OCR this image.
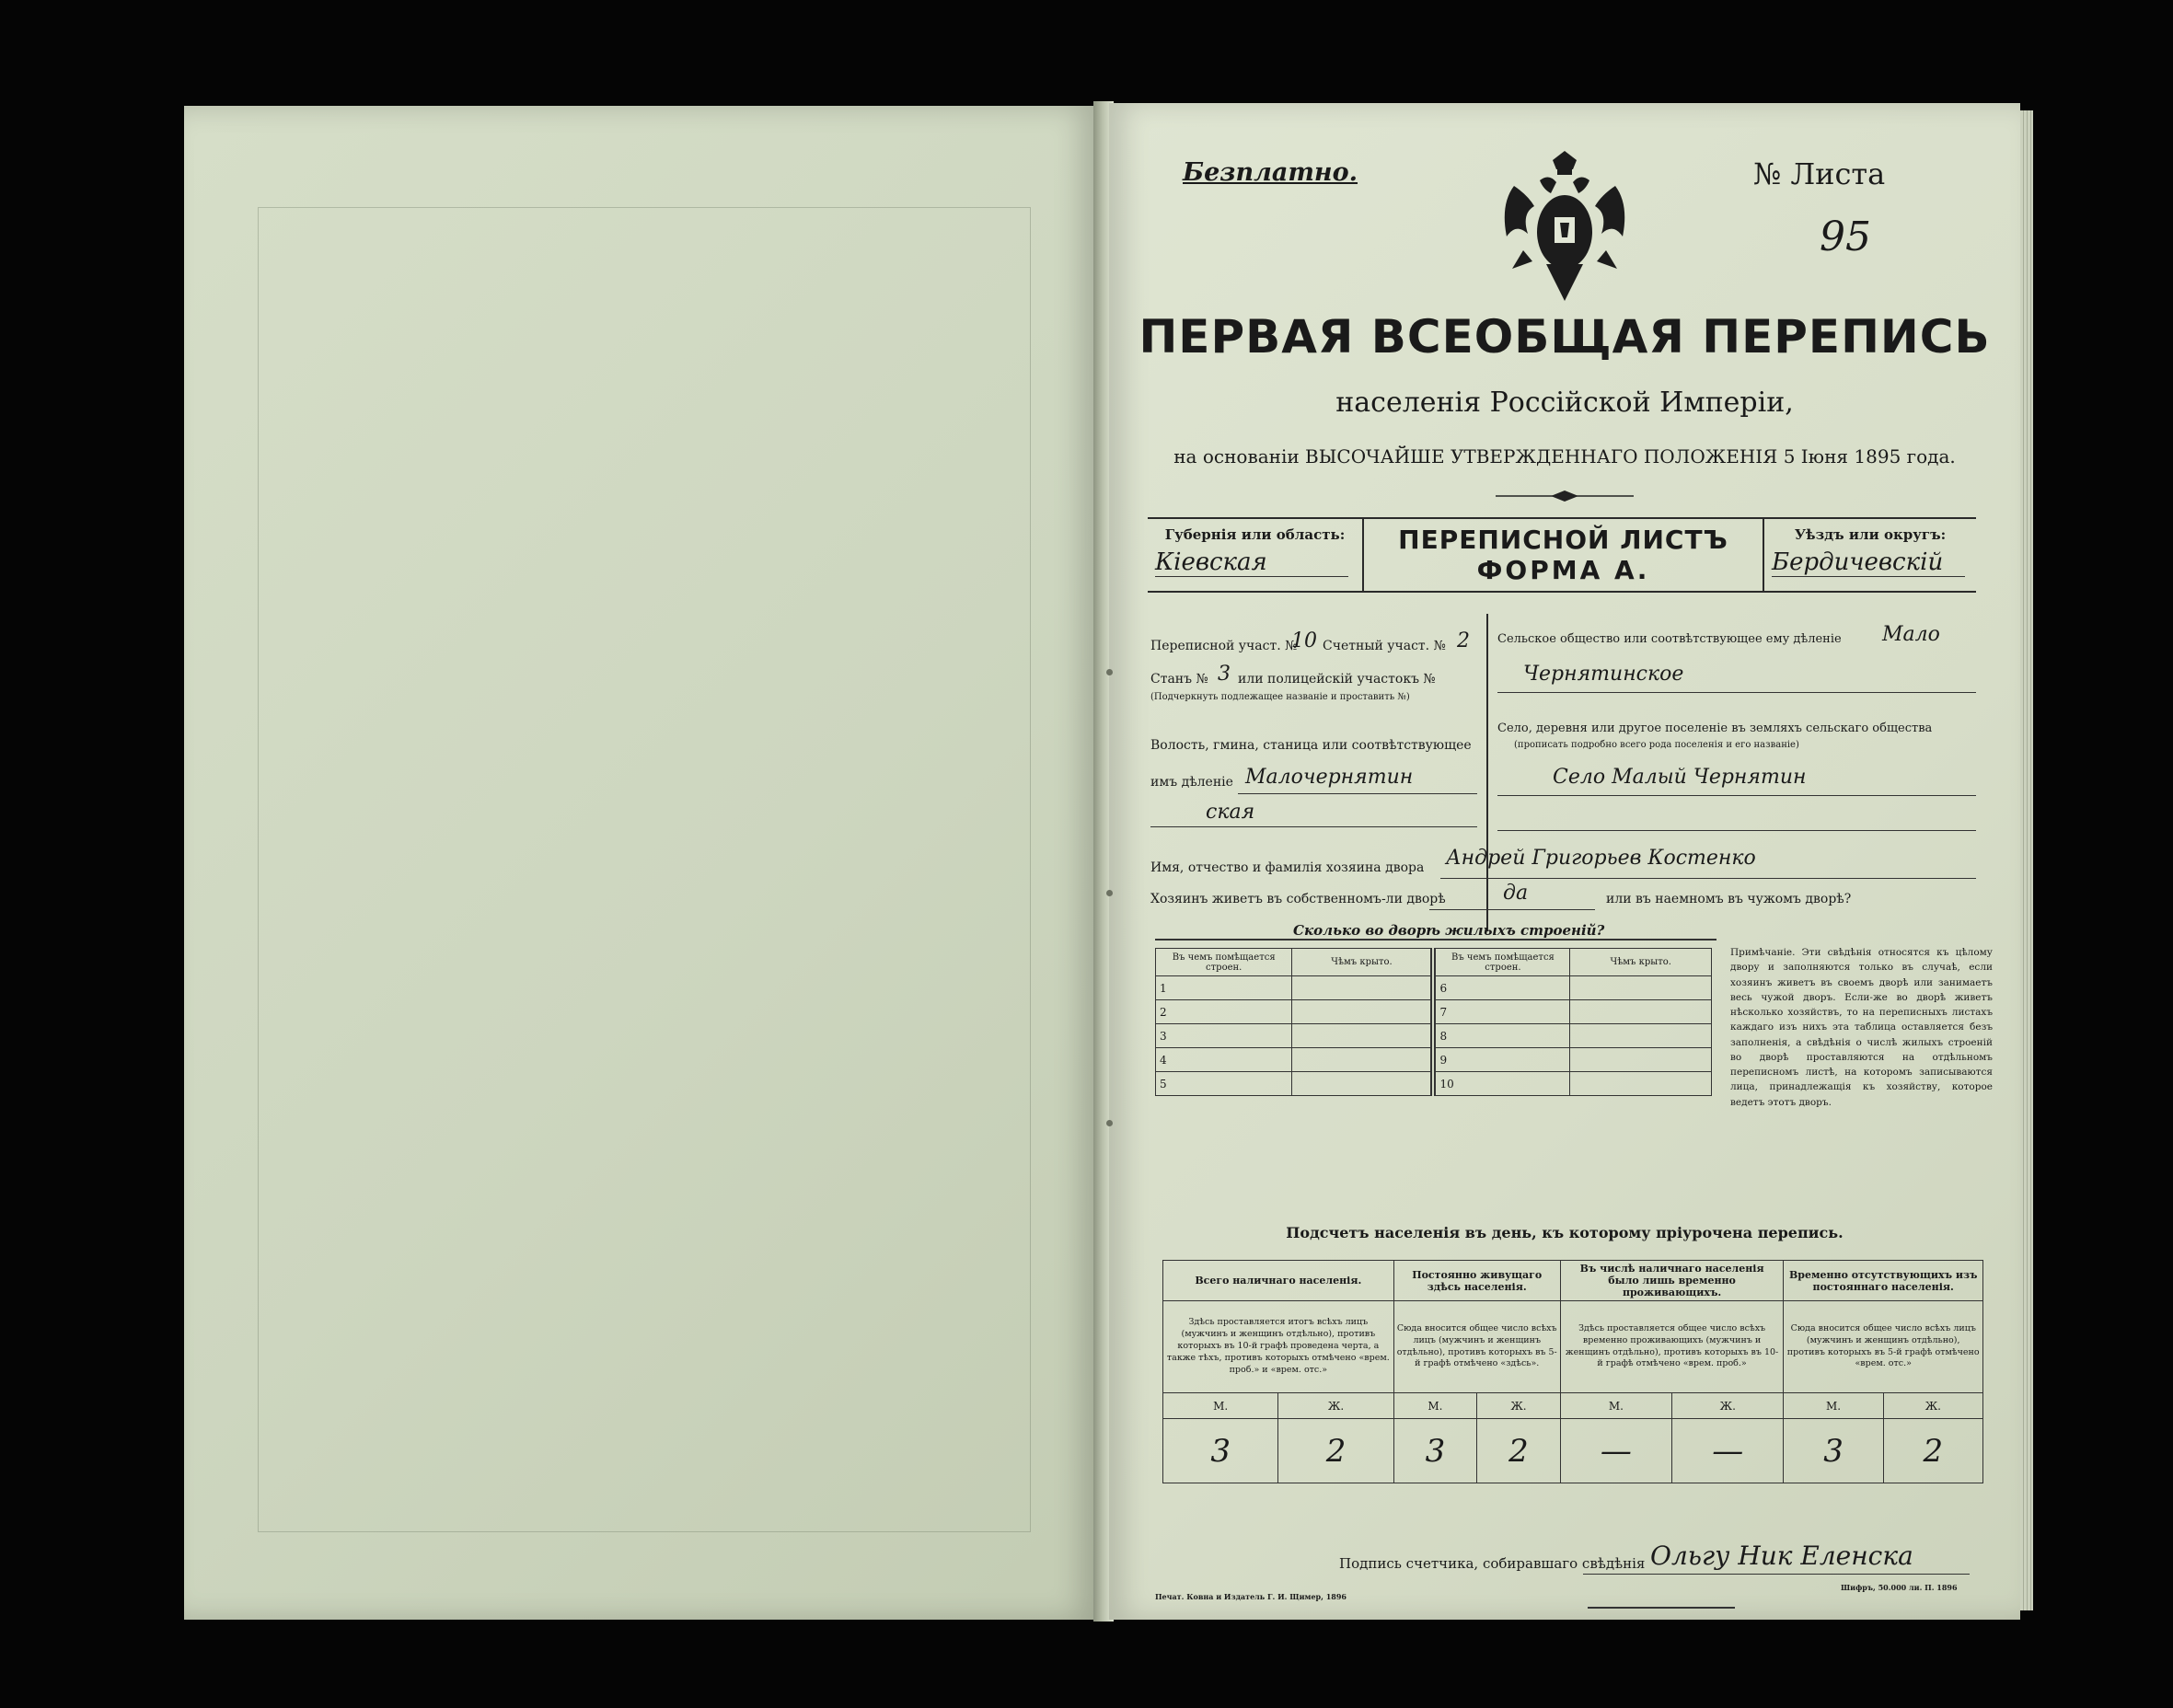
Безплатно.	№ Листа
95
ПЕРВАЯ ВСЕОБЩАЯ ПЕРЕПИСЬ
населенія Россійской Имперіи,
на основаніи ВЫСОЧАЙШЕ УТВЕРЖДЕННАГО ПОЛОЖЕНІЯ 5 Іюня 1895 года.
Губернія или область:
Кіевская
ПЕРЕПИСНОЙ ЛИСТЪ
ФОРМА А.
Уѣздъ или округъ:
Бердичевскій
Переписной участ. №
10 Счетный участ. № 2
Станъ № 3 или полицейскій участокъ №
(Подчеркнуть подлежащее названіе и проставить №)
Волость, гмина, станица или соотвѣтствующее
имъ дѣленіе Малочернятин
ская
Сельское общество или соотвѣтствующее ему дѣленіе Мало
Чернятинское
Село, деревня или другое поселеніе въ земляхъ сельскаго общества
(прописать подробно всего рода поселенія и его названіе)
Село Малый Чернятин
Имя, отчество и фамилія хозяина двора Андрей Григорьев Костенко
Хозяинъ живетъ въ собственномъ-ли дворѣ	да	или въ наемномъ въ чужомъ дворѣ?
Сколько во дворѣ жилыхъ строеній?
Въ чемъ помѣщается строен.	Чѣмъ крыто.	Въ чемъ помѣщается строен.	Чѣмъ крыто.
1		6	
2		7	
3		8	
4		9	
5		10	
Примѣчаніе. Эти свѣдѣнія относятся къ цѣлому двору и заполняются только въ случаѣ, если хозяинъ живетъ въ своемъ дворѣ или занимаетъ весь чужой дворъ. Если-же во дворѣ живетъ нѣсколько хозяйствъ, то на переписныхъ листахъ каждаго изъ нихъ эта таблица оставляется безъ заполненія, а свѣдѣнія о числѣ жилыхъ строеній во дворѣ проставляются на отдѣльномъ переписномъ листѣ, на которомъ записываются лица, принадлежащія къ хозяйству, которое ведетъ этотъ дворъ.
Подсчетъ населенія въ день, къ которому пріурочена перепись.
Всего наличнаго населенія.		Постоянно живущаго здѣсь населенія.		Въ числѣ наличнаго населенія было лишь временно проживающихъ.		Временно отсутствующихъ изъ постояннаго населенія.	
Здѣсь проставляется итогъ всѣхъ лицъ (мужчинъ и женщинъ отдѣльно), противъ которыхъ въ 10-й графѣ проведена черта, а также тѣхъ, противъ которыхъ отмѣчено «врем. проб.» и «врем. отс.»		Сюда вносится общее число всѣхъ лицъ (мужчинъ и женщинъ отдѣльно), противъ которыхъ въ 5-й графѣ отмѣчено «здѣсь».		Здѣсь проставляется общее число всѣхъ временно проживающихъ (мужчинъ и женщинъ отдѣльно), противъ которыхъ въ 10-й графѣ отмѣчено «врем. проб.»		Сюда вносится общее число всѣхъ лицъ (мужчинъ и женщинъ отдѣльно), противъ которыхъ въ 5-й графѣ отмѣчено «врем. отс.»	
М.	Ж.	М.	Ж.	М.	Ж.	М.	Ж.
3	2	3	2	—	—	3	2
Подпись счетчика, собиравшаго свѣдѣнія Ольгу Ник Еленска
Печат. Ковна и Издатель Г. И. Щимер, 1896
Шифръ, 50.000 ли. П. 1896
